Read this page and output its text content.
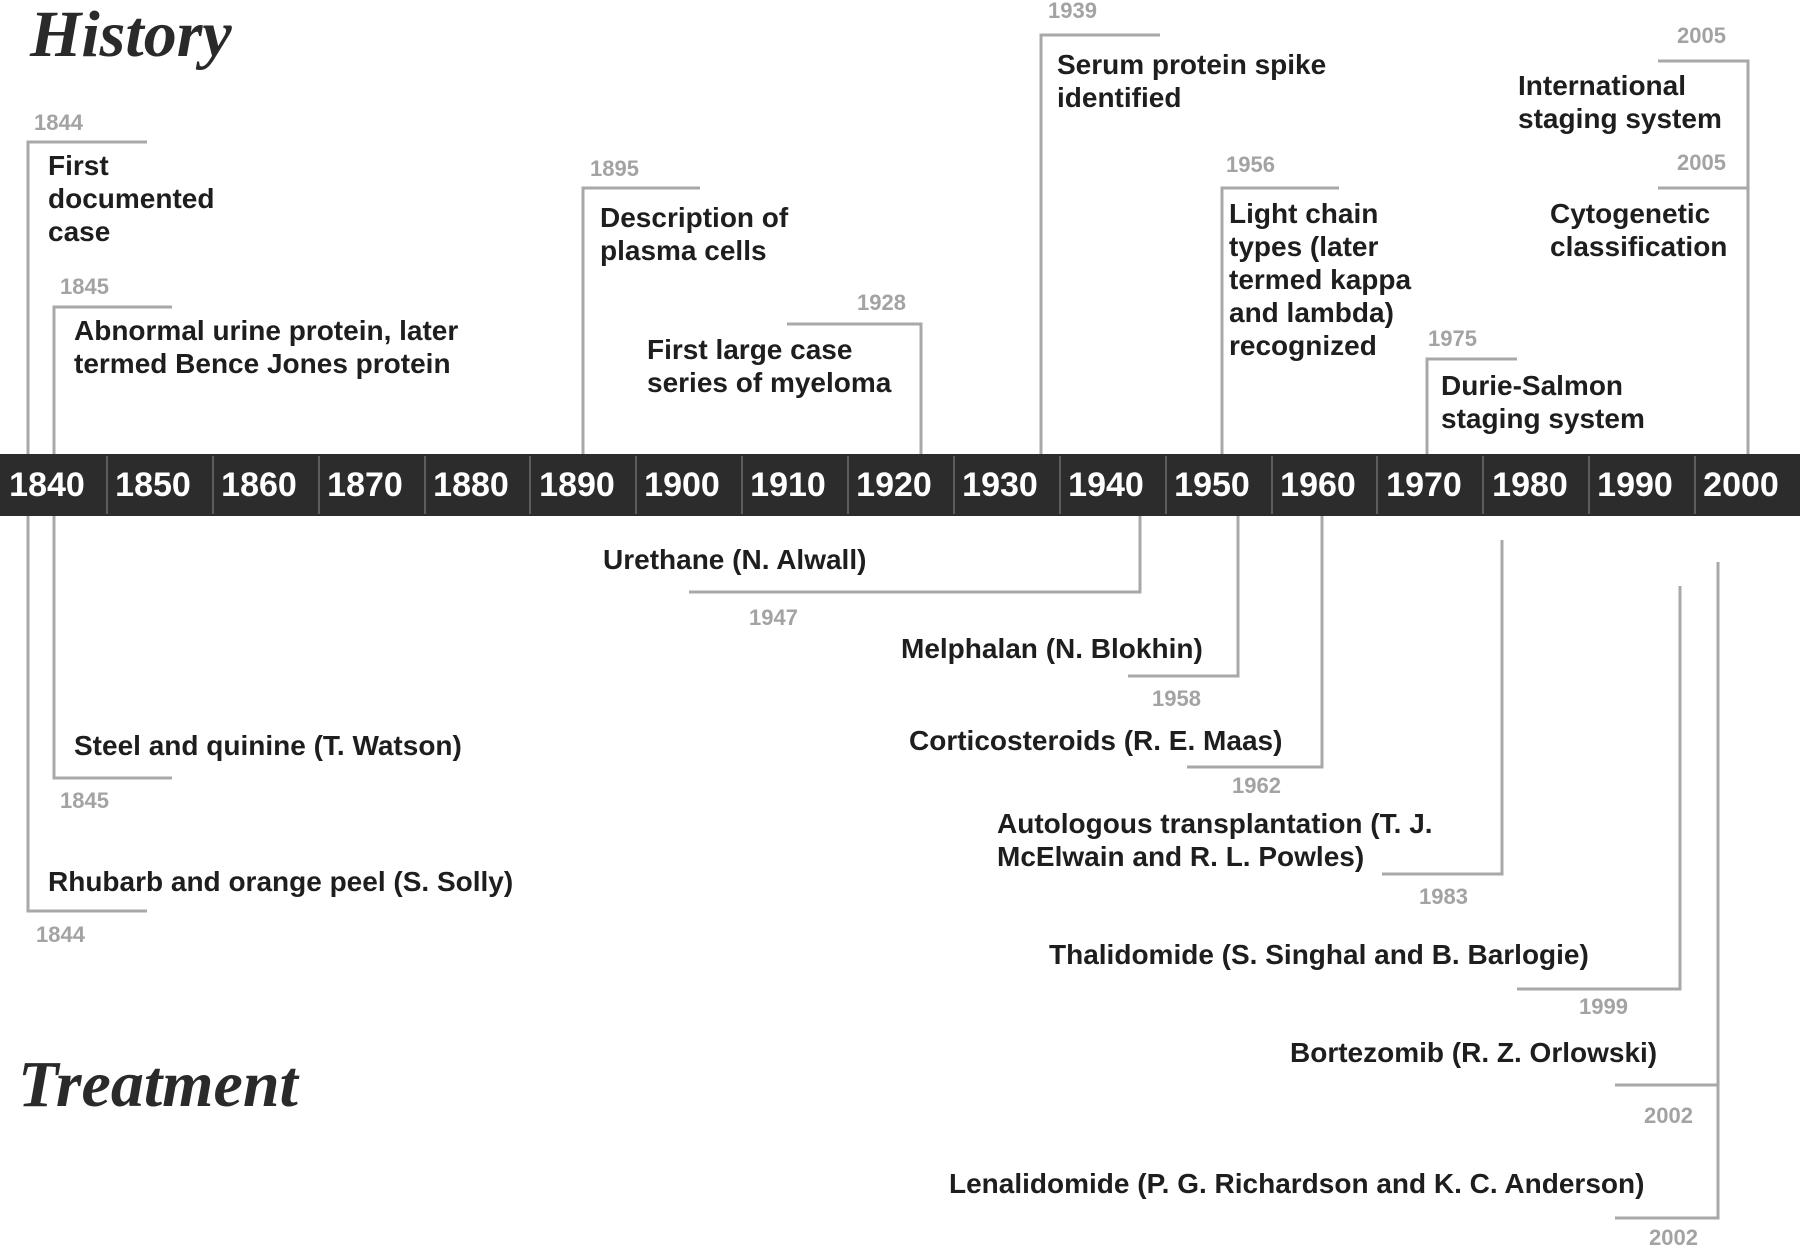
History
Treatment
1844
First documented case
1845
Abnormal urine protein, later termed Bence Jones protein
1895
Description of plasma cells
1928
First large case series of myeloma
1939
Serum protein spike identified
1956
Light chain types (later termed kappa and lambda) recognized	1975
Durie-Salmon staging system
2005
International staging system
2005
Cytogenetic classification
1840 1850 1860 1870 1880 1890 1900 1910 1920 1930 1940 1950 1960 1970 1980 1990 2000
Steel and quinine (T. Watson)
1845
Rhubarb and orange peel (S. Solly)
1844
Urethane (N. Alwall)
1947
Melphalan (N. Blokhin)
1958
Corticosteroids (R. E. Maas)
1962
Autologous transplantation (T. J. McElwain and R. L. Powles)
1983
Thalidomide (S. Singhal and B. Barlogie)
1999
Bortezomib (R. Z. Orlowski)
2002
Lenalidomide (P. G. Richardson and K. C. Anderson)
2002
